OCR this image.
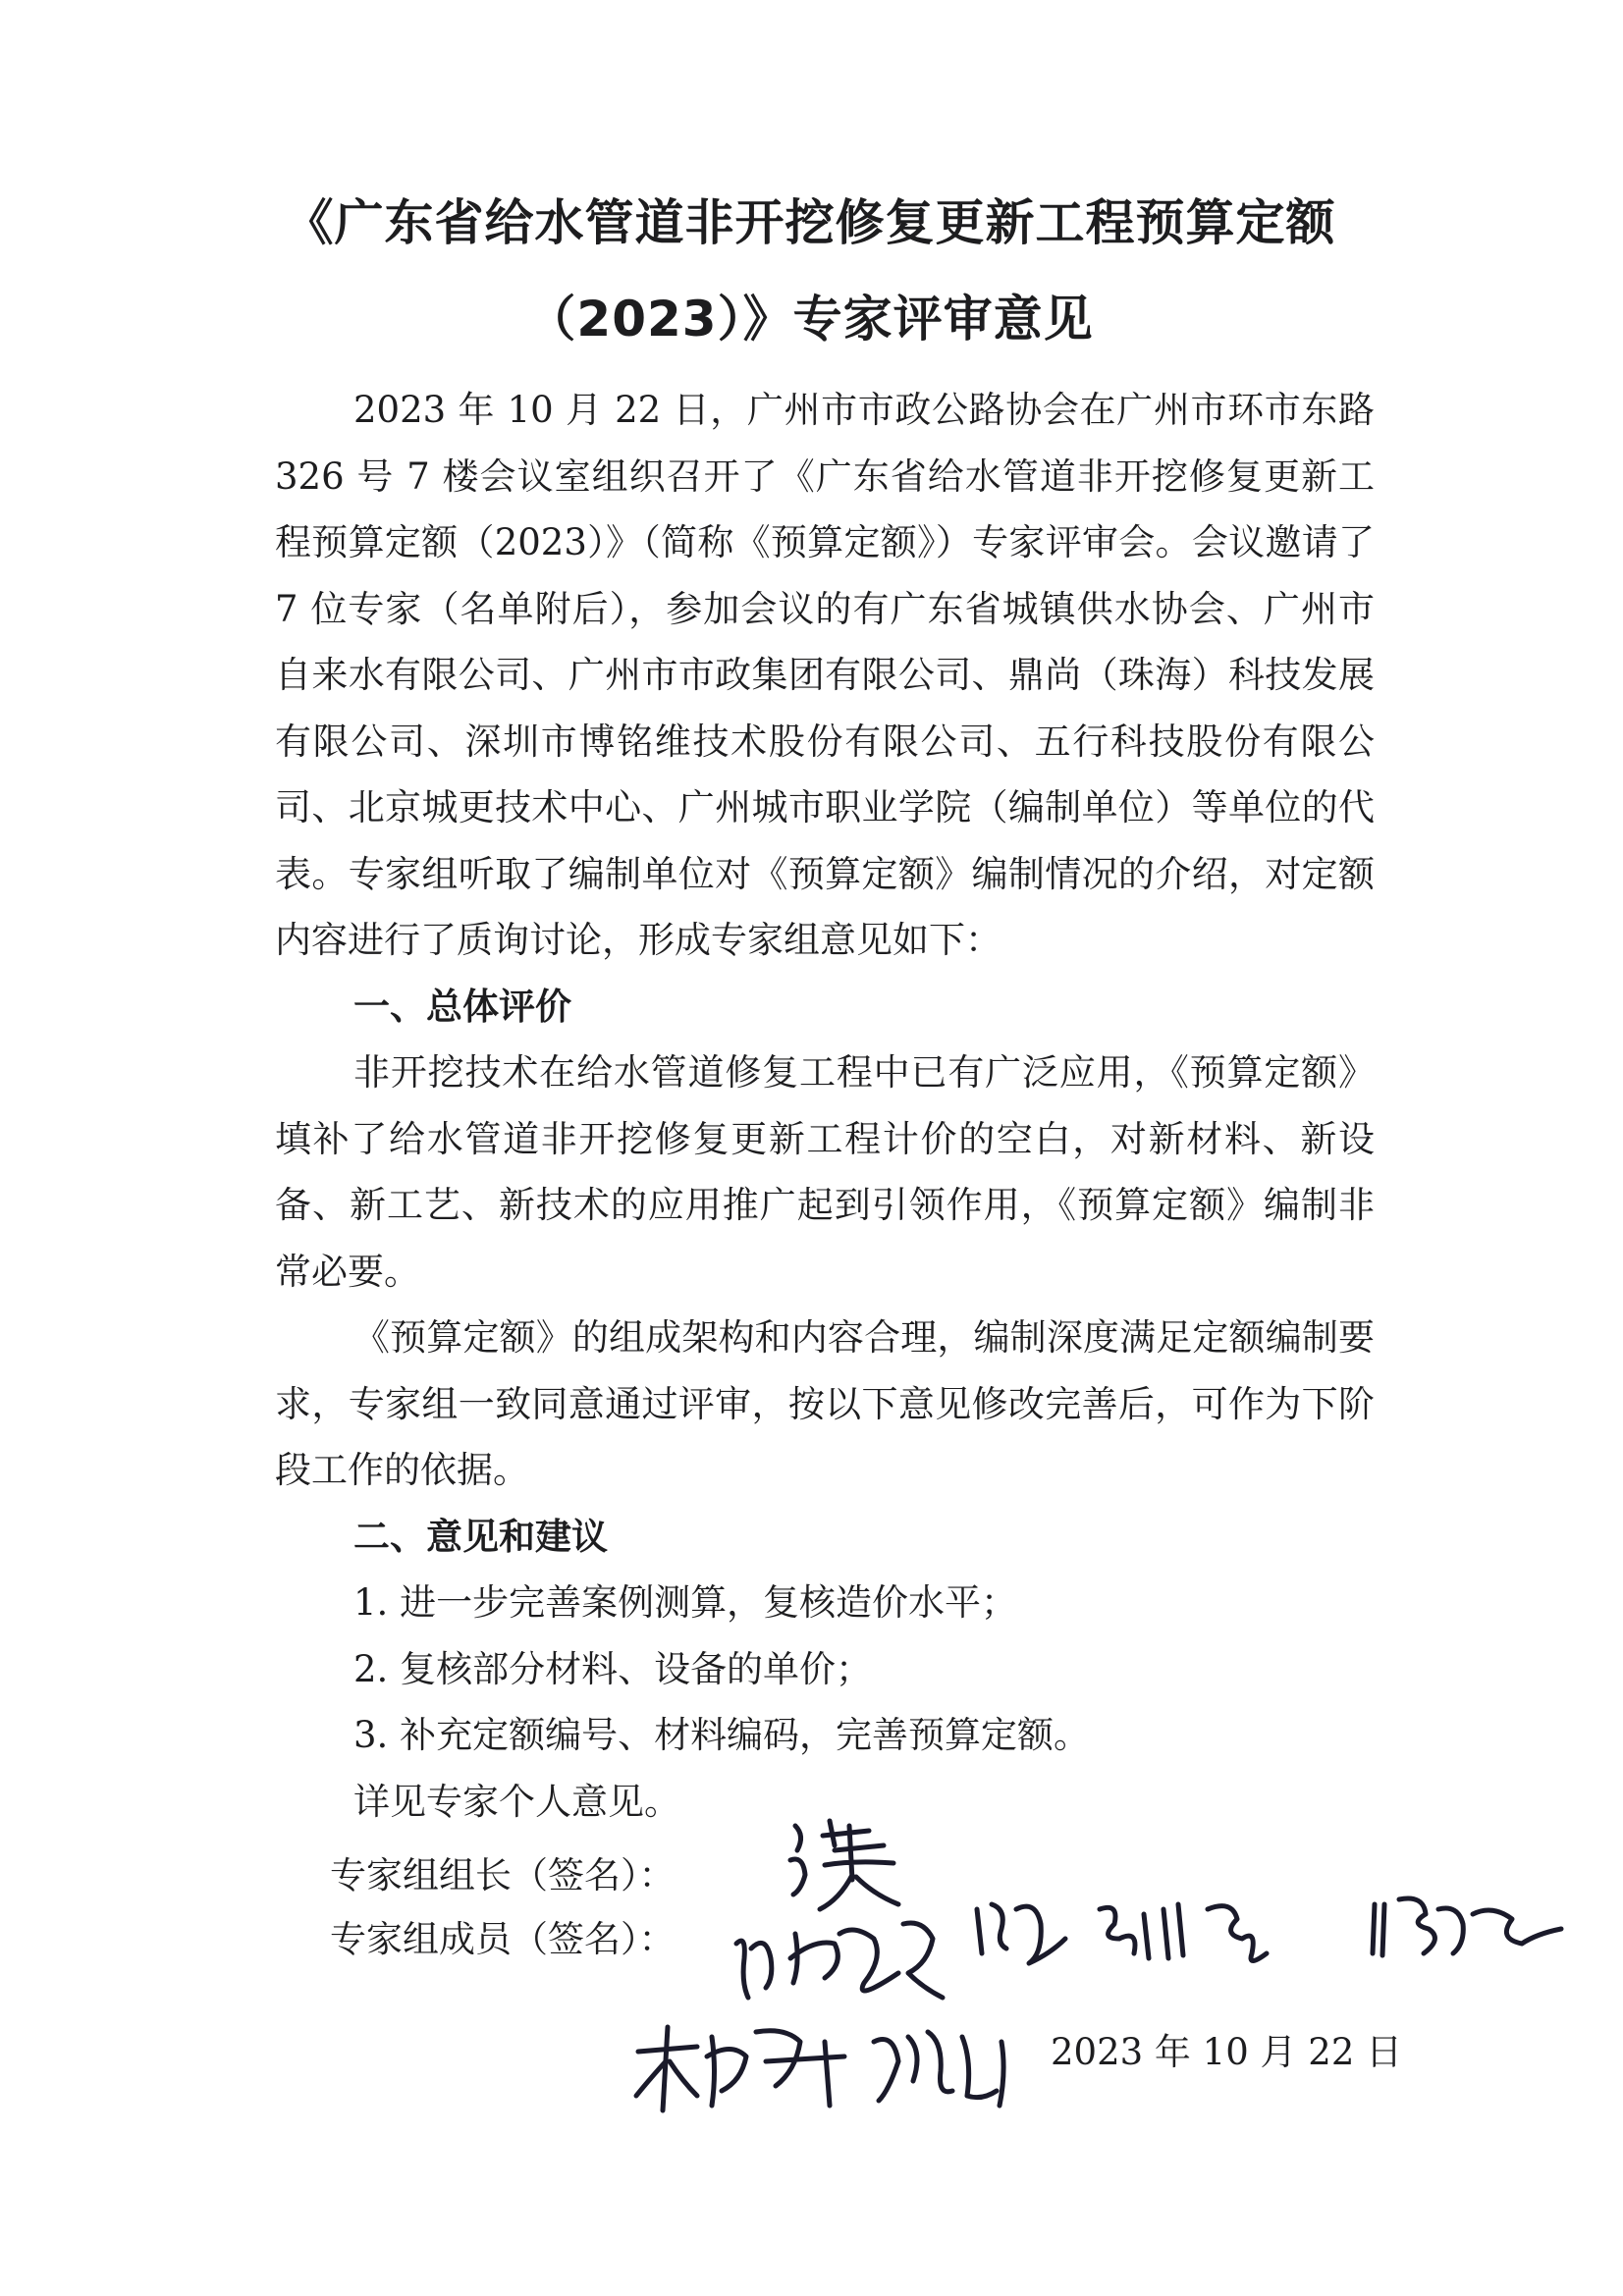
《广东省给水管道非开挖修复更新工程预算定额
（2023）》专家评审意见

2023 年 10 月 22 日，广州市市政公路协会在广州市环市东路 326 号 7 楼会议室组织召开了《广东省给水管道非开挖修复更新工程预算定额（2023）》（简称《预算定额》）专家评审会。会议邀请了 7 位专家（名单附后），参加会议的有广东省城镇供水协会、广州市自来水有限公司、广州市市政集团有限公司、鼎尚（珠海）科技发展有限公司、深圳市博铭维技术股份有限公司、五行科技股份有限公司、北京城更技术中心、广州城市职业学院（编制单位）等单位的代表。专家组听取了编制单位对《预算定额》编制情况的介绍，对定额内容进行了质询讨论，形成专家组意见如下：

一、总体评价

非开挖技术在给水管道修复工程中已有广泛应用，《预算定额》填补了给水管道非开挖修复更新工程计价的空白，对新材料、新设备、新工艺、新技术的应用推广起到引领作用，《预算定额》编制非常必要。

《预算定额》的组成架构和内容合理，编制深度满足定额编制要求，专家组一致同意通过评审，按以下意见修改完善后，可作为下阶段工作的依据。

二、意见和建议

1. 进一步完善案例测算，复核造价水平；

2. 复核部分材料、设备的单价；

3. 补充定额编号、材料编码，完善预算定额。

详见专家个人意见。

专家组组长（签名）：
专家组成员（签名）：
2023 年 10 月 22 日
